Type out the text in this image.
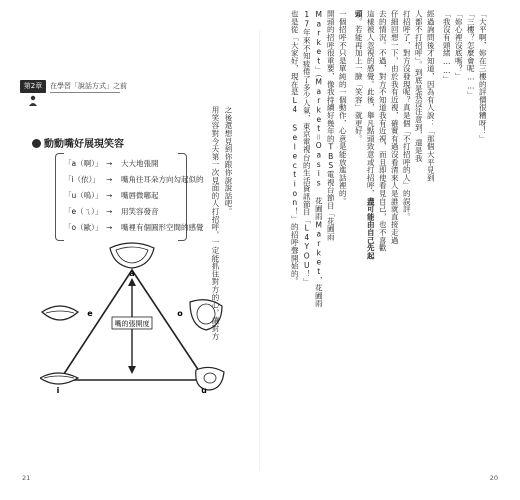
第2章	在學習「說話方式」之前
動動嘴好展現笑容
「a（啊）」 → 大大地張開
「i（依）」 → 嘴角往耳朵方向勾起似的
「u（嗚）」 → 嘴唇微嘟起
「e（ㄟ）」 → 用笑容發音
「o（歐）」 → 嘴裡有個圓形空間的感覺
嘴的張開度
a
e	o
i	u
用笑容對今天第一次見面的人打招呼，一定能抓住對方的心，讓對方 之後還想見到你跟你說說話吧。
21
「大平啊，妳在三樓的評價很糟呀！」
「三樓？怎麼會呢……」
「妳心裡沒底嗎？」
「我沒有頭緒……」
經過詢問後才知道，因為有人說：「那個大平見到
人都不打招呼」。到底是我沒注意到，還是我
打招呼了，對方沒發現呢？真是個「不打招呼的人」的誤評。
仔細回想一下，由於我有近視，確實有過沒看清來人是誰就直接走過
去的情況。不過，對方不知道我有近視，而且即使看見自己，也不喜歡
這樣被人忽視的感覺。此後，舉凡點頭致意或打招呼，盡可能由自己先起
頭。若能再加上一臉「笑容」就更好。
一個招呼不只是單純的一個動作，心意是能放進話裡的。
開頭的招呼很重要，像我持續好幾年的TBS電視台節目「花圃雨
Market」（Market＝Oasis 花圃雨Market，花圃雨
17年來不知疲倦了多少人氣，東京電視台的生活資訊節目「L4YOU！」
也是從「大家好，現在是L4 Selection！」的招呼聲開始的。
20
